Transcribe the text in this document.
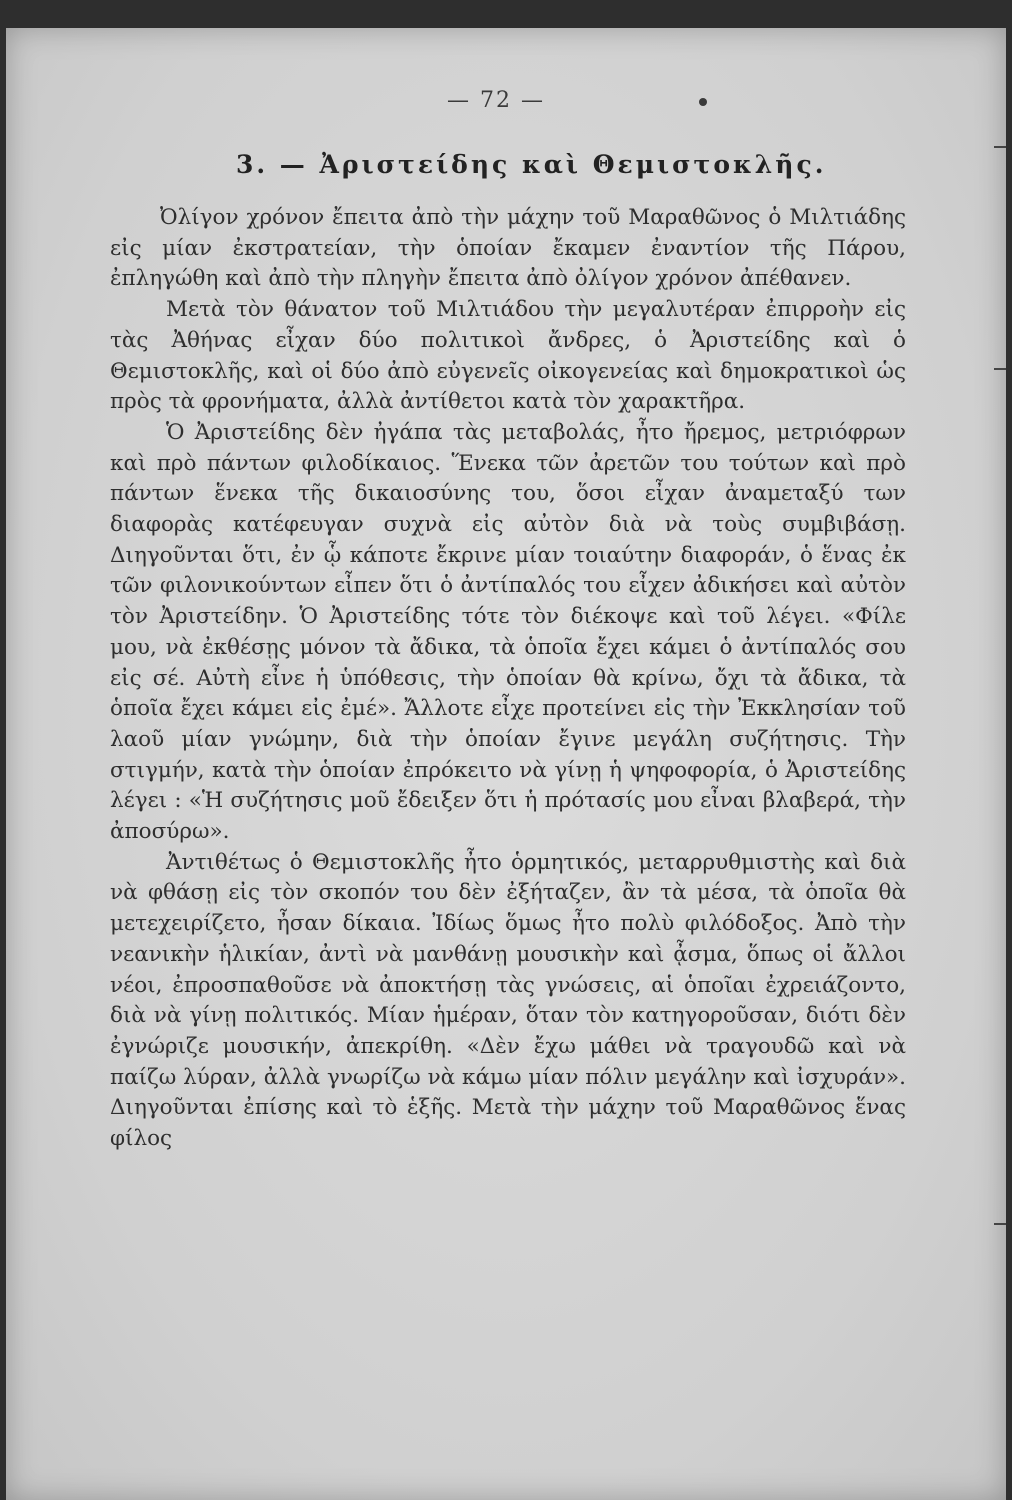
— 72 —
3. — Ἀριστείδης καὶ Θεμιστοκλῆς.

Ὀλίγον χρόνον ἔπειτα ἀπὸ τὴν μάχην τοῦ Μαραθῶνος ὁ Μιλτιάδης εἰς μίαν ἐκστρατείαν, τὴν ὁποίαν ἔκαμεν ἐναντίον τῆς Πάρου, ἐπληγώθη καὶ ἀπὸ τὴν πληγὴν ἔπειτα ἀπὸ ὀλίγον χρόνον ἀπέθανεν.

Μετὰ τὸν θάνατον τοῦ Μιλτιάδου τὴν μεγαλυτέραν ἐπιρροὴν εἰς τὰς Ἀθήνας εἶχαν δύο πολιτικοὶ ἄνδρες, ὁ Ἀριστείδης καὶ ὁ Θεμιστοκλῆς, καὶ οἱ δύο ἀπὸ εὐγενεῖς οἰκογενείας καὶ δημοκρατικοὶ ὡς πρὸς τὰ φρονήματα, ἀλλὰ ἀντίθετοι κατὰ τὸν χαρακτῆρα.

Ὁ Ἀριστείδης δὲν ἠγάπα τὰς μεταβολάς, ἦτο ἤρεμος, μετριόφρων καὶ πρὸ πάντων φιλοδίκαιος. Ἕνεκα τῶν ἀρετῶν του τούτων καὶ πρὸ πάντων ἕνεκα τῆς δικαιοσύνης του, ὅσοι εἶχαν ἀναμεταξύ των διαφορὰς κατέφευγαν συχνὰ εἰς αὐτὸν διὰ νὰ τοὺς συμβιβάσῃ. Διηγοῦνται ὅτι, ἐν ᾧ κάποτε ἔκρινε μίαν τοιαύτην διαφοράν, ὁ ἕνας ἐκ τῶν φιλονικούντων εἶπεν ὅτι ὁ ἀντίπαλός του εἶχεν ἀδικήσει καὶ αὐτὸν τὸν Ἀριστείδην. Ὁ Ἀριστείδης τότε τὸν διέκοψε καὶ τοῦ λέγει. «Φίλε μου, νὰ ἐκθέσῃς μόνον τὰ ἄδικα, τὰ ὁποῖα ἔχει κάμει ὁ ἀντίπαλός σου εἰς σέ. Αὐτὴ εἶνε ἡ ὑπόθεσις, τὴν ὁποίαν θὰ κρίνω, ὄχι τὰ ἄδικα, τὰ ὁποῖα ἔχει κάμει εἰς ἐμέ». Ἄλλοτε εἶχε προτείνει εἰς τὴν Ἐκκλησίαν τοῦ λαοῦ μίαν γνώμην, διὰ τὴν ὁποίαν ἔγινε μεγάλη συζήτησις. Τὴν στιγμήν, κατὰ τὴν ὁποίαν ἐπρόκειτο νὰ γίνῃ ἡ ψηφοφορία, ὁ Ἀριστείδης λέγει : «Ἡ συζήτησις μοῦ ἔδειξεν ὅτι ἡ πρότασίς μου εἶναι βλαβερά, τὴν ἀποσύρω».

Ἀντιθέτως ὁ Θεμιστοκλῆς ἦτο ὁρμητικός, μεταρρυθμιστὴς καὶ διὰ νὰ φθάσῃ εἰς τὸν σκοπόν του δὲν ἐξήταζεν, ἂν τὰ μέσα, τὰ ὁποῖα θὰ μετεχειρίζετο, ἦσαν δίκαια. Ἰδίως ὅμως ἦτο πολὺ φιλόδοξος. Ἀπὸ τὴν νεανικὴν ἡλικίαν, ἀντὶ νὰ μανθάνῃ μουσικὴν καὶ ᾆσμα, ὅπως οἱ ἄλλοι νέοι, ἐπροσπαθοῦσε νὰ ἀποκτήσῃ τὰς γνώσεις, αἱ ὁποῖαι ἐχρειάζοντο, διὰ νὰ γίνῃ πολιτικός. Μίαν ἡμέραν, ὅταν τὸν κατηγοροῦσαν, διότι δὲν ἐγνώριζε μουσικήν, ἀπεκρίθη. «Δὲν ἔχω μάθει νὰ τραγουδῶ καὶ νὰ παίζω λύραν, ἀλλὰ γνωρίζω νὰ κάμω μίαν πόλιν μεγάλην καὶ ἰσχυράν». Διηγοῦνται ἐπίσης καὶ τὸ ἑξῆς. Μετὰ τὴν μάχην τοῦ Μαραθῶνος ἕνας φίλος
